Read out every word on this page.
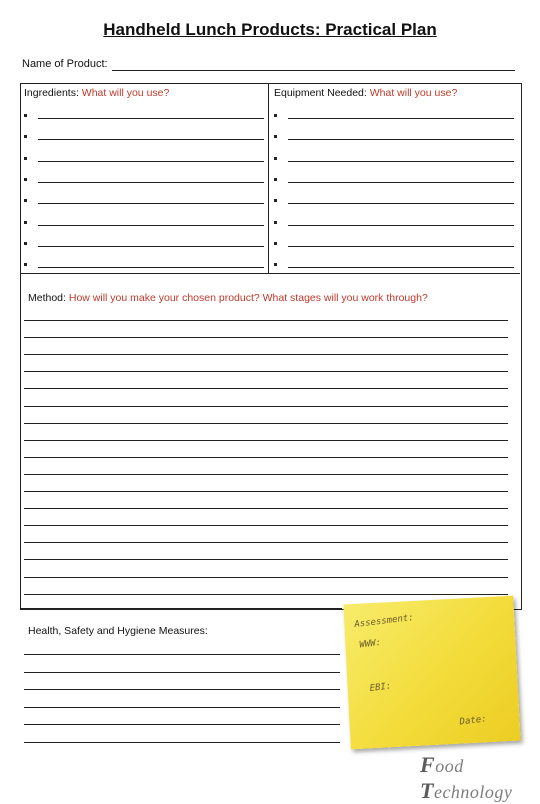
Handheld Lunch Products: Practical Plan
Name of Product:
Ingredients: What will you use?	Equipment Needed: What will you use?
Method: How will you make your chosen product? What stages will you work through?
Health, Safety and Hygiene Measures:
Assessment:
WWW:
EBI:
Date:
Food Technology
